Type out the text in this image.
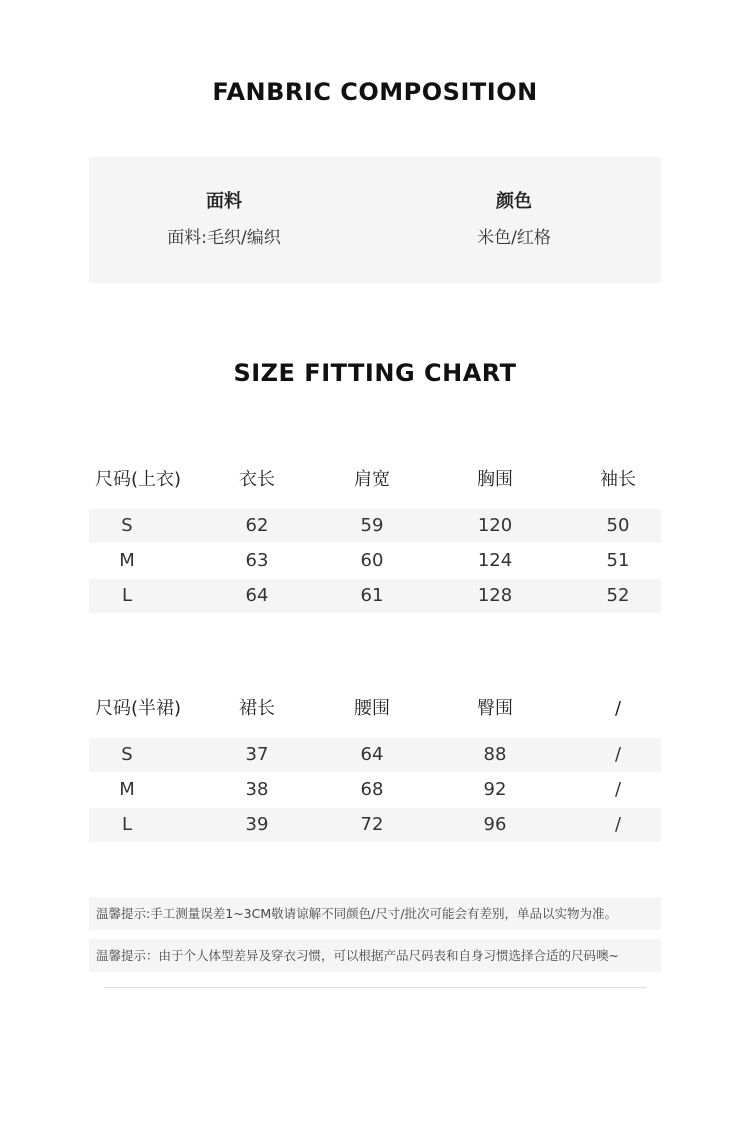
FANBRIC COMPOSITION
面料
面料:毛织/编织
颜色
米色/红格
SIZE FITTING CHART
尺码(上衣)	衣长	肩宽	胸围	袖长
S	62	59	120	50
M	63	60	124	51
L	64	61	128	52
尺码(半裙)	裙长	腰围	臀围	/
S	37	64	88	/
M	38	68	92	/
L	39	72	96	/
温馨提示:手工测量误差1~3CM敬请谅解不同颜色/尺寸/批次可能会有差别，单品以实物为准。
温馨提示：由于个人体型差异及穿衣习惯，可以根据产品尺码表和自身习惯选择合适的尺码噢~
